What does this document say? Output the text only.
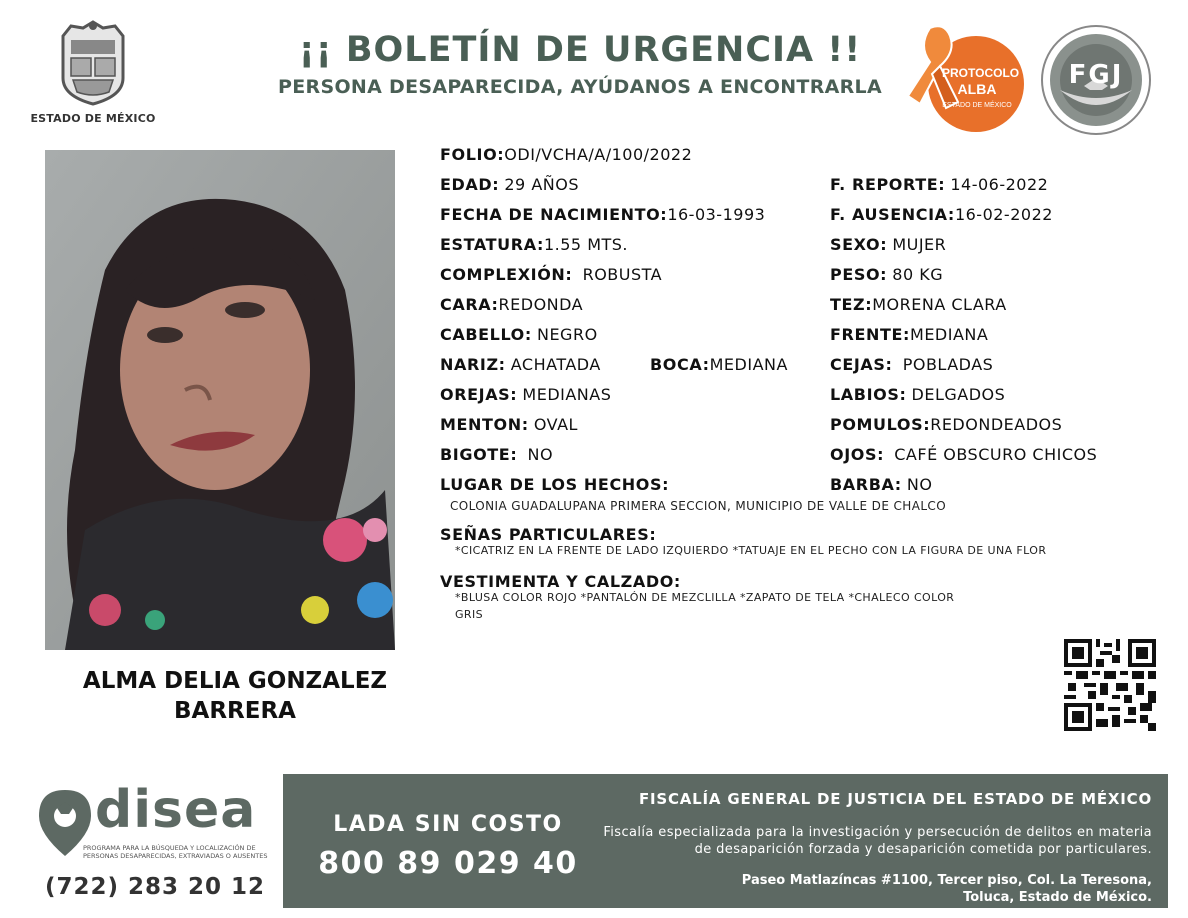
ESTADO DE MÉXICO
¡¡ BOLETÍN DE URGENCIA !!
PERSONA DESAPARECIDA, AYÚDANOS A ENCONTRARLA
PROTOCOLO
ALBA
ESTADO DE MÉXICO
FGJ
ALMA DELIA GONZALEZ
BARRERA
FOLIO:ODI/VCHA/A/100/2022
EDAD: 29 AÑOS	F. REPORTE: 14-06-2022
FECHA DE NACIMIENTO:16-03-1993	F. AUSENCIA:16-02-2022
ESTATURA:1.55 MTS.	SEXO: MUJER
COMPLEXIÓN: ROBUSTA	PESO: 80 KG
CARA:REDONDA	TEZ:MORENA CLARA
CABELLO: NEGRO	FRENTE:MEDIANA
NARIZ: ACHATADA	BOCA:MEDIANA	CEJAS: POBLADAS
OREJAS: MEDIANAS	LABIOS: DELGADOS
MENTON: OVAL	POMULOS:REDONDEADOS
BIGOTE: NO	OJOS: CAFÉ OBSCURO CHICOS
LUGAR DE LOS HECHOS:	BARBA: NO
COLONIA GUADALUPANA PRIMERA SECCION, MUNICIPIO DE VALLE DE CHALCO
SEÑAS PARTICULARES:
*CICATRIZ EN LA FRENTE DE LADO IZQUIERDO *TATUAJE EN EL PECHO CON LA FIGURA DE UNA FLOR
VESTIMENTA Y CALZADO:
*BLUSA COLOR ROJO *PANTALÓN DE MEZCLILLA *ZAPATO DE TELA *CHALECO COLOR
GRIS
disea
PROGRAMA PARA LA BÚSQUEDA Y LOCALIZACIÓN DE PERSONAS DESAPARECIDAS, EXTRAVIADAS O AUSENTES
(722) 283 20 12
LADA SIN COSTO
800 89 029 40
FISCALÍA GENERAL DE JUSTICIA DEL ESTADO DE MÉXICO
Fiscalía especializada para la investigación y persecución de delitos en materia de desaparición forzada y desaparición cometida por particulares.
Paseo Matlazíncas #1100, Tercer piso, Col. La Teresona,
Toluca, Estado de México.
